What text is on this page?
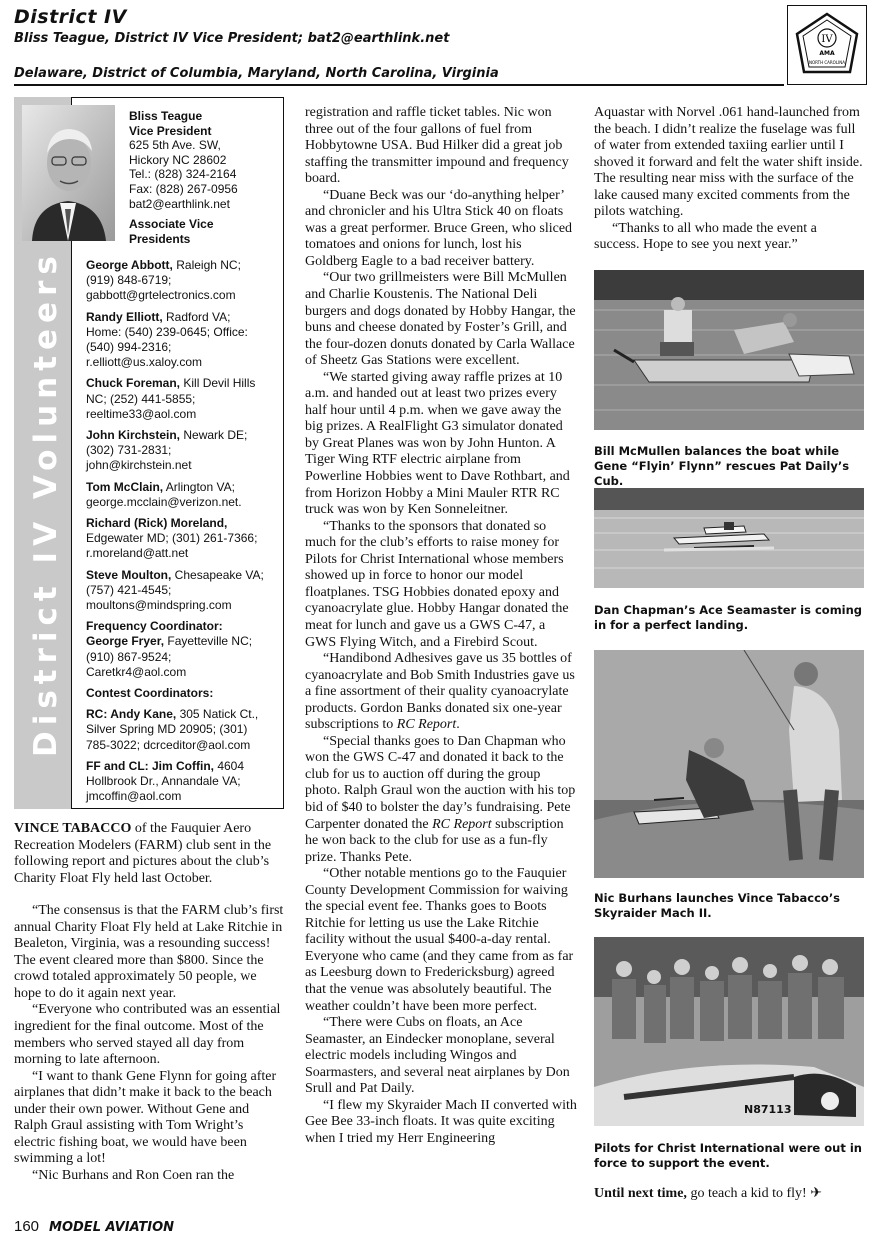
District IV
Bliss Teague, District IV Vice President; bat2@earthlink.net
Delaware, District of Columbia, Maryland, North Carolina, Virginia
IV
AMA
NORTH CAROLINA
District IV Volunteers
Bliss Teague
Vice President
625 5th Ave. SW,
Hickory NC 28602
Tel.: (828) 324-2164
Fax: (828) 267-0956
bat2@earthlink.net
Associate Vice Presidents
George Abbott, Raleigh NC;
(919) 848-6719;
gabbott@grtelectronics.com
Randy Elliott, Radford VA;
Home: (540) 239-0645; Office:
(540) 994-2316;
r.elliott@us.xaloy.com
Chuck Foreman, Kill Devil Hills
NC; (252) 441-5855;
reeltime33@aol.com
John Kirchstein, Newark DE;
(302) 731-2831;
john@kirchstein.net
Tom McClain, Arlington VA;
george.mcclain@verizon.net.
Richard (Rick) Moreland,
Edgewater MD; (301) 261-7366;
r.moreland@att.net
Steve Moulton, Chesapeake VA;
(757) 421-4545;
moultons@mindspring.com
Frequency Coordinator:
George Fryer, Fayetteville NC;
(910) 867-9524;
Caretkr4@aol.com
Contest Coordinators:
RC: Andy Kane, 305 Natick Ct.,
Silver Spring MD 20905; (301)
785-3022; dcrceditor@aol.com
FF and CL: Jim Coffin, 4604
Hollbrook Dr., Annandale VA;
jmcoffin@aol.com

VINCE TABACCO of the Fauquier Aero Recreation Modelers (FARM) club sent in the following report and pictures about the club’s Charity Float Fly held last October.

“The consensus is that the FARM club’s first annual Charity Float Fly held at Lake Ritchie in Bealeton, Virginia, was a resounding success! The event cleared more than $800. Since the crowd totaled approximately 50 people, we hope to do it again next year.

“Everyone who contributed was an essential ingredient for the final outcome. Most of the members who served stayed all day from morning to late afternoon.

“I want to thank Gene Flynn for going after airplanes that didn’t make it back to the beach under their own power. Without Gene and Ralph Graul assisting with Tom Wright’s electric fishing boat, we would have been swimming a lot!

“Nic Burhans and Ron Coen ran the

registration and raffle ticket tables. Nic won three out of the four gallons of fuel from Hobbytowne USA. Bud Hilker did a great job staffing the transmitter impound and frequency board.

“Duane Beck was our ‘do-anything helper’ and chronicler and his Ultra Stick 40 on floats was a great performer. Bruce Green, who sliced tomatoes and onions for lunch, lost his Goldberg Eagle to a bad receiver battery.

“Our two grillmeisters were Bill McMullen and Charlie Koustenis. The National Deli burgers and dogs donated by Hobby Hangar, the buns and cheese donated by Foster’s Grill, and the four-dozen donuts donated by Carla Wallace of Sheetz Gas Stations were excellent.

“We started giving away raffle prizes at 10 a.m. and handed out at least two prizes every half hour until 4 p.m. when we gave away the big prizes. A RealFlight G3 simulator donated by Great Planes was won by John Hunton. A Tiger Wing RTF electric airplane from Powerline Hobbies went to Dave Rothbart, and from Horizon Hobby a Mini Mauler RTR RC truck was won by Ken Sonneleitner.

“Thanks to the sponsors that donated so much for the club’s efforts to raise money for Pilots for Christ International whose members showed up in force to honor our model floatplanes. TSG Hobbies donated epoxy and cyanoacrylate glue. Hobby Hangar donated the meat for lunch and gave us a GWS C-47, a GWS Flying Witch, and a Firebird Scout.

“Handibond Adhesives gave us 35 bottles of cyanoacrylate and Bob Smith Industries gave us a fine assortment of their quality cyanoacrylate products. Gordon Banks donated six one-year subscriptions to RC Report.

“Special thanks goes to Dan Chapman who won the GWS C-47 and donated it back to the club for us to auction off during the group photo. Ralph Graul won the auction with his top bid of $40 to bolster the day’s fundraising. Pete Carpenter donated the RC Report subscription he won back to the club for use as a fun-fly prize. Thanks Pete.

“Other notable mentions go to the Fauquier County Development Commission for waiving the special event fee. Thanks goes to Boots Ritchie for letting us use the Lake Ritchie facility without the usual $400-a-day rental. Everyone who came (and they came from as far as Leesburg down to Fredericksburg) agreed that the venue was absolutely beautiful. The weather couldn’t have been more perfect.

“There were Cubs on floats, an Ace Seamaster, an Eindecker monoplane, several electric models including Wingos and Soarmasters, and several neat airplanes by Don Srull and Pat Daily.

“I flew my Skyraider Mach II converted with Gee Bee 33-inch floats. It was quite exciting when I tried my Herr Engineering

Aquastar with Norvel .061 hand-launched from the beach. I didn’t realize the fuselage was full of water from extended taxiing earlier until I shoved it forward and felt the water shift inside. The resulting near miss with the surface of the lake caused many excited comments from the pilots watching.

“Thanks to all who made the event a success. Hope to see you next year.”

Bill McMullen balances the boat while Gene “Flyin’ Flynn” rescues Pat Daily’s Cub.
Dan Chapman’s Ace Seamaster is coming in for a perfect landing.
Nic Burhans launches Vince Tabacco’s Skyraider Mach II.
N87113
Pilots for Christ International were out in force to support the event.
Until next time, go teach a kid to fly! ✈
160 MODEL AVIATION
